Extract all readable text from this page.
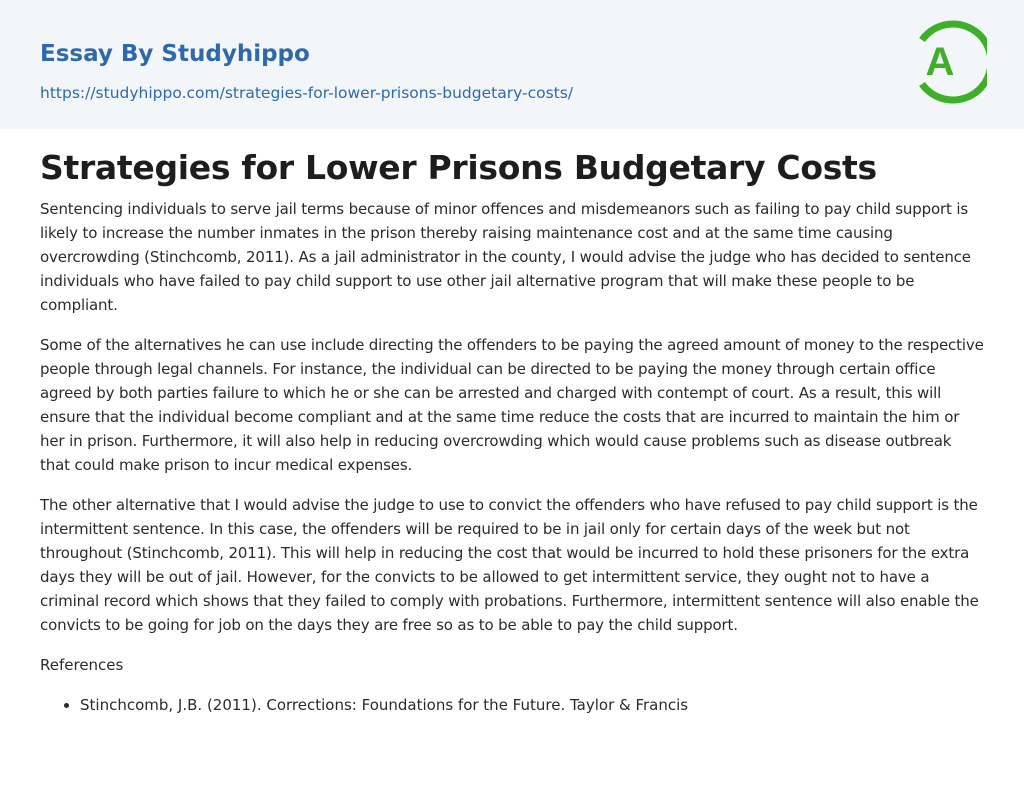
Essay By Studyhippo
https://studyhippo.com/strategies-for-lower-prisons-budgetary-costs/
A
Strategies for Lower Prisons Budgetary Costs

Sentencing individuals to serve jail terms because of minor offences and misdemeanors such as failing to pay child support is likely to increase the number inmates in the prison thereby raising maintenance cost and at the same time causing overcrowding (Stinchcomb, 2011). As a jail administrator in the county, I would advise the judge who has decided to sentence individuals who have failed to pay child support to use other jail alternative program that will make these people to be compliant.

Some of the alternatives he can use include directing the offenders to be paying the agreed amount of money to the respective people through legal channels. For instance, the individual can be directed to be paying the money through certain office agreed by both parties failure to which he or she can be arrested and charged with contempt of court. As a result, this will ensure that the individual become compliant and at the same time reduce the costs that are incurred to maintain the him or her in prison. Furthermore, it will also help in reducing overcrowding which would cause problems such as disease outbreak that could make prison to incur medical expenses.

The other alternative that I would advise the judge to use to convict the offenders who have refused to pay child support is the intermittent sentence. In this case, the offenders will be required to be in jail only for certain days of the week but not throughout (Stinchcomb, 2011). This will help in reducing the cost that would be incurred to hold these prisoners for the extra days they will be out of jail. However, for the convicts to be allowed to get intermittent service, they ought not to have a criminal record which shows that they failed to comply with probations. Furthermore, intermittent sentence will also enable the convicts to be going for job on the days they are free so as to be able to pay the child support.

References
• Stinchcomb, J.B. (2011). Corrections: Foundations for the Future. Taylor & Francis
